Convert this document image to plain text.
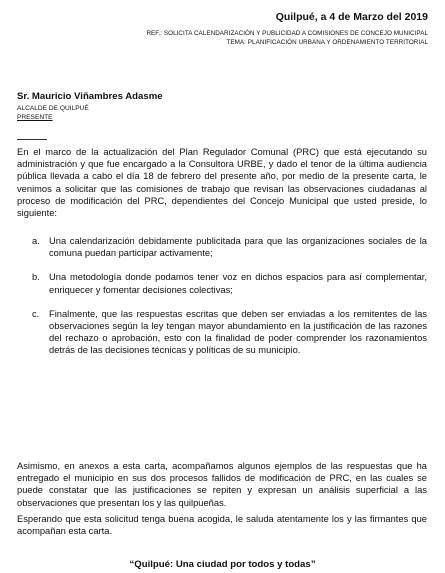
Quilpué, a 4 de Marzo del 2019
REF.: SOLICITA CALENDARIZACIÓN Y PUBLICIDAD A COMISIONES DE CONCEJO MUNICIPAL
TEMA: PLANIFICACIÓN URBANA Y ORDENAMIENTO TERRITORIAL
Sr. Mauricio Viñambres Adasme
ALCALDE DE QUILPUÉ
PRESENTE

En el marco de la actualización del Plan Regulador Comunal (PRC) que está ejecutando su administración y que fue encargado a la Consultora URBE, y dado el tenor de la última audiencia pública llevada a cabo el día 18 de febrero del presente año, por medio de la presente carta, le venimos a solicitar que las comisiones de trabajo que revisan las observaciones ciudadanas al proceso de modificación del PRC, dependientes del Concejo Municipal que usted preside, lo siguiente:

a. Una calendarización debidamente publicitada para que las organizaciones sociales de la comuna puedan participar activamente;
b. Una metodología donde podamos tener voz en dichos espacios para así complementar, enriquecer y fomentar decisiones colectivas;
c. Finalmente, que las respuestas escritas que deben ser enviadas a los remitentes de las observaciones según la ley tengan mayor abundamiento en la justificación de las razones del rechazo o aprobación, esto con la finalidad de poder comprender los razonamientos detrás de las decisiones técnicas y políticas de su municipio.

Asimismo, en anexos a esta carta, acompañamos algunos ejemplos de las respuestas que ha entregado el municipio en sus dos procesos fallidos de modificación de PRC, en las cuales se puede constatar que las justificaciones se repiten y expresan un análisis superficial a las observaciones que presentan los y las quilpueñas.

Esperando que esta solicitud tenga buena acogida, le saluda atentamente los y las firmantes que acompañan esta carta.

“Quilpué: Una ciudad por todos y todas”
